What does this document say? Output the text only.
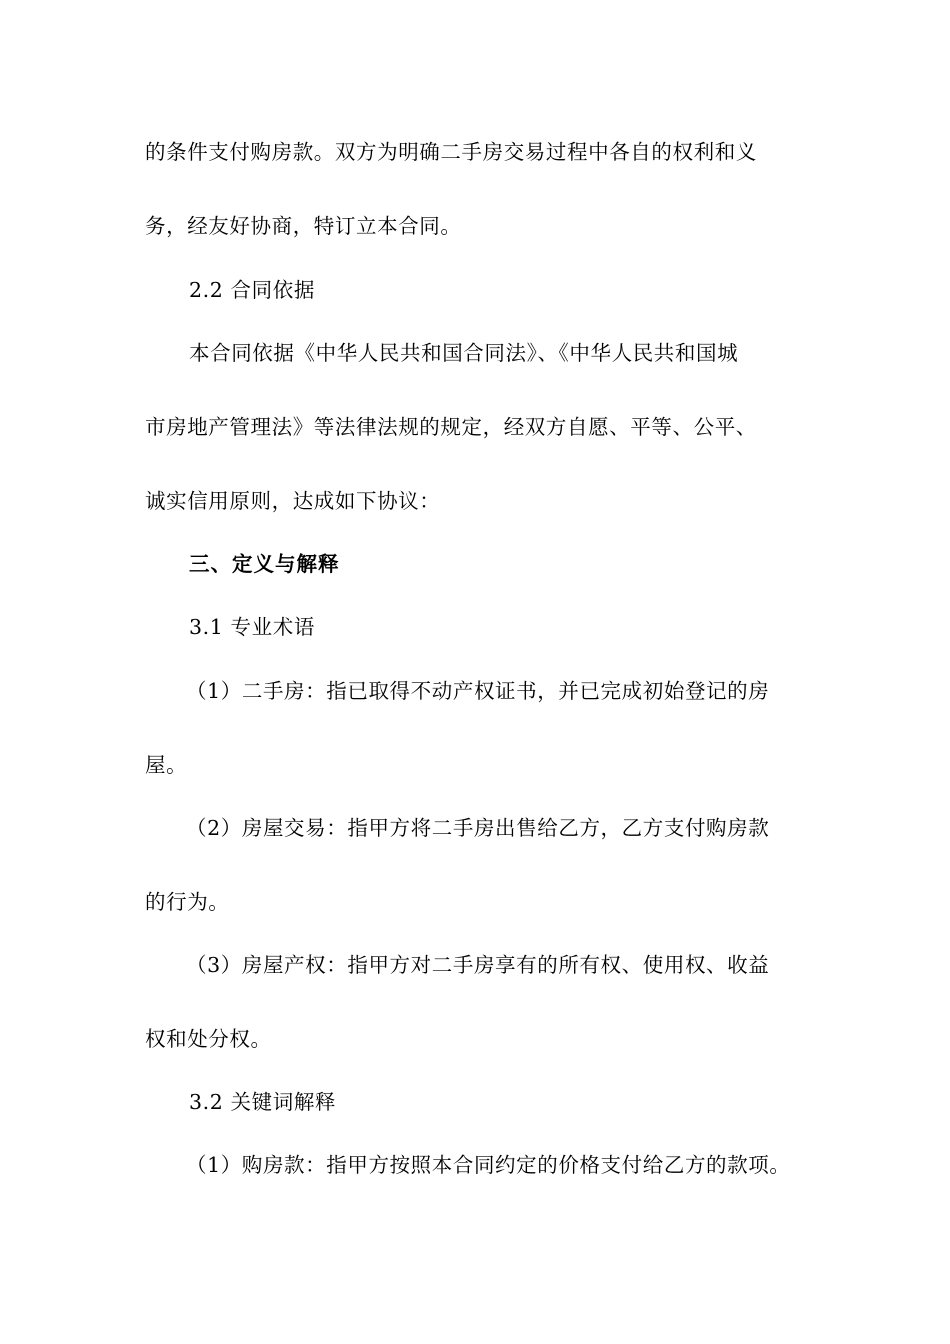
的条件支付购房款。双方为明确二手房交易过程中各自的权利和义
务，经友好协商，特订立本合同。
2.2 合同依据
本合同依据《中华人民共和国合同法》、《中华人民共和国城
市房地产管理法》等法律法规的规定，经双方自愿、平等、公平、
诚实信用原则，达成如下协议：
三、定义与解释
3.1 专业术语
（1）二手房：指已取得不动产权证书，并已完成初始登记的房
屋。
（2）房屋交易：指甲方将二手房出售给乙方，乙方支付购房款
的行为。
（3）房屋产权：指甲方对二手房享有的所有权、使用权、收益
权和处分权。
3.2 关键词解释
（1）购房款：指甲方按照本合同约定的价格支付给乙方的款项。
